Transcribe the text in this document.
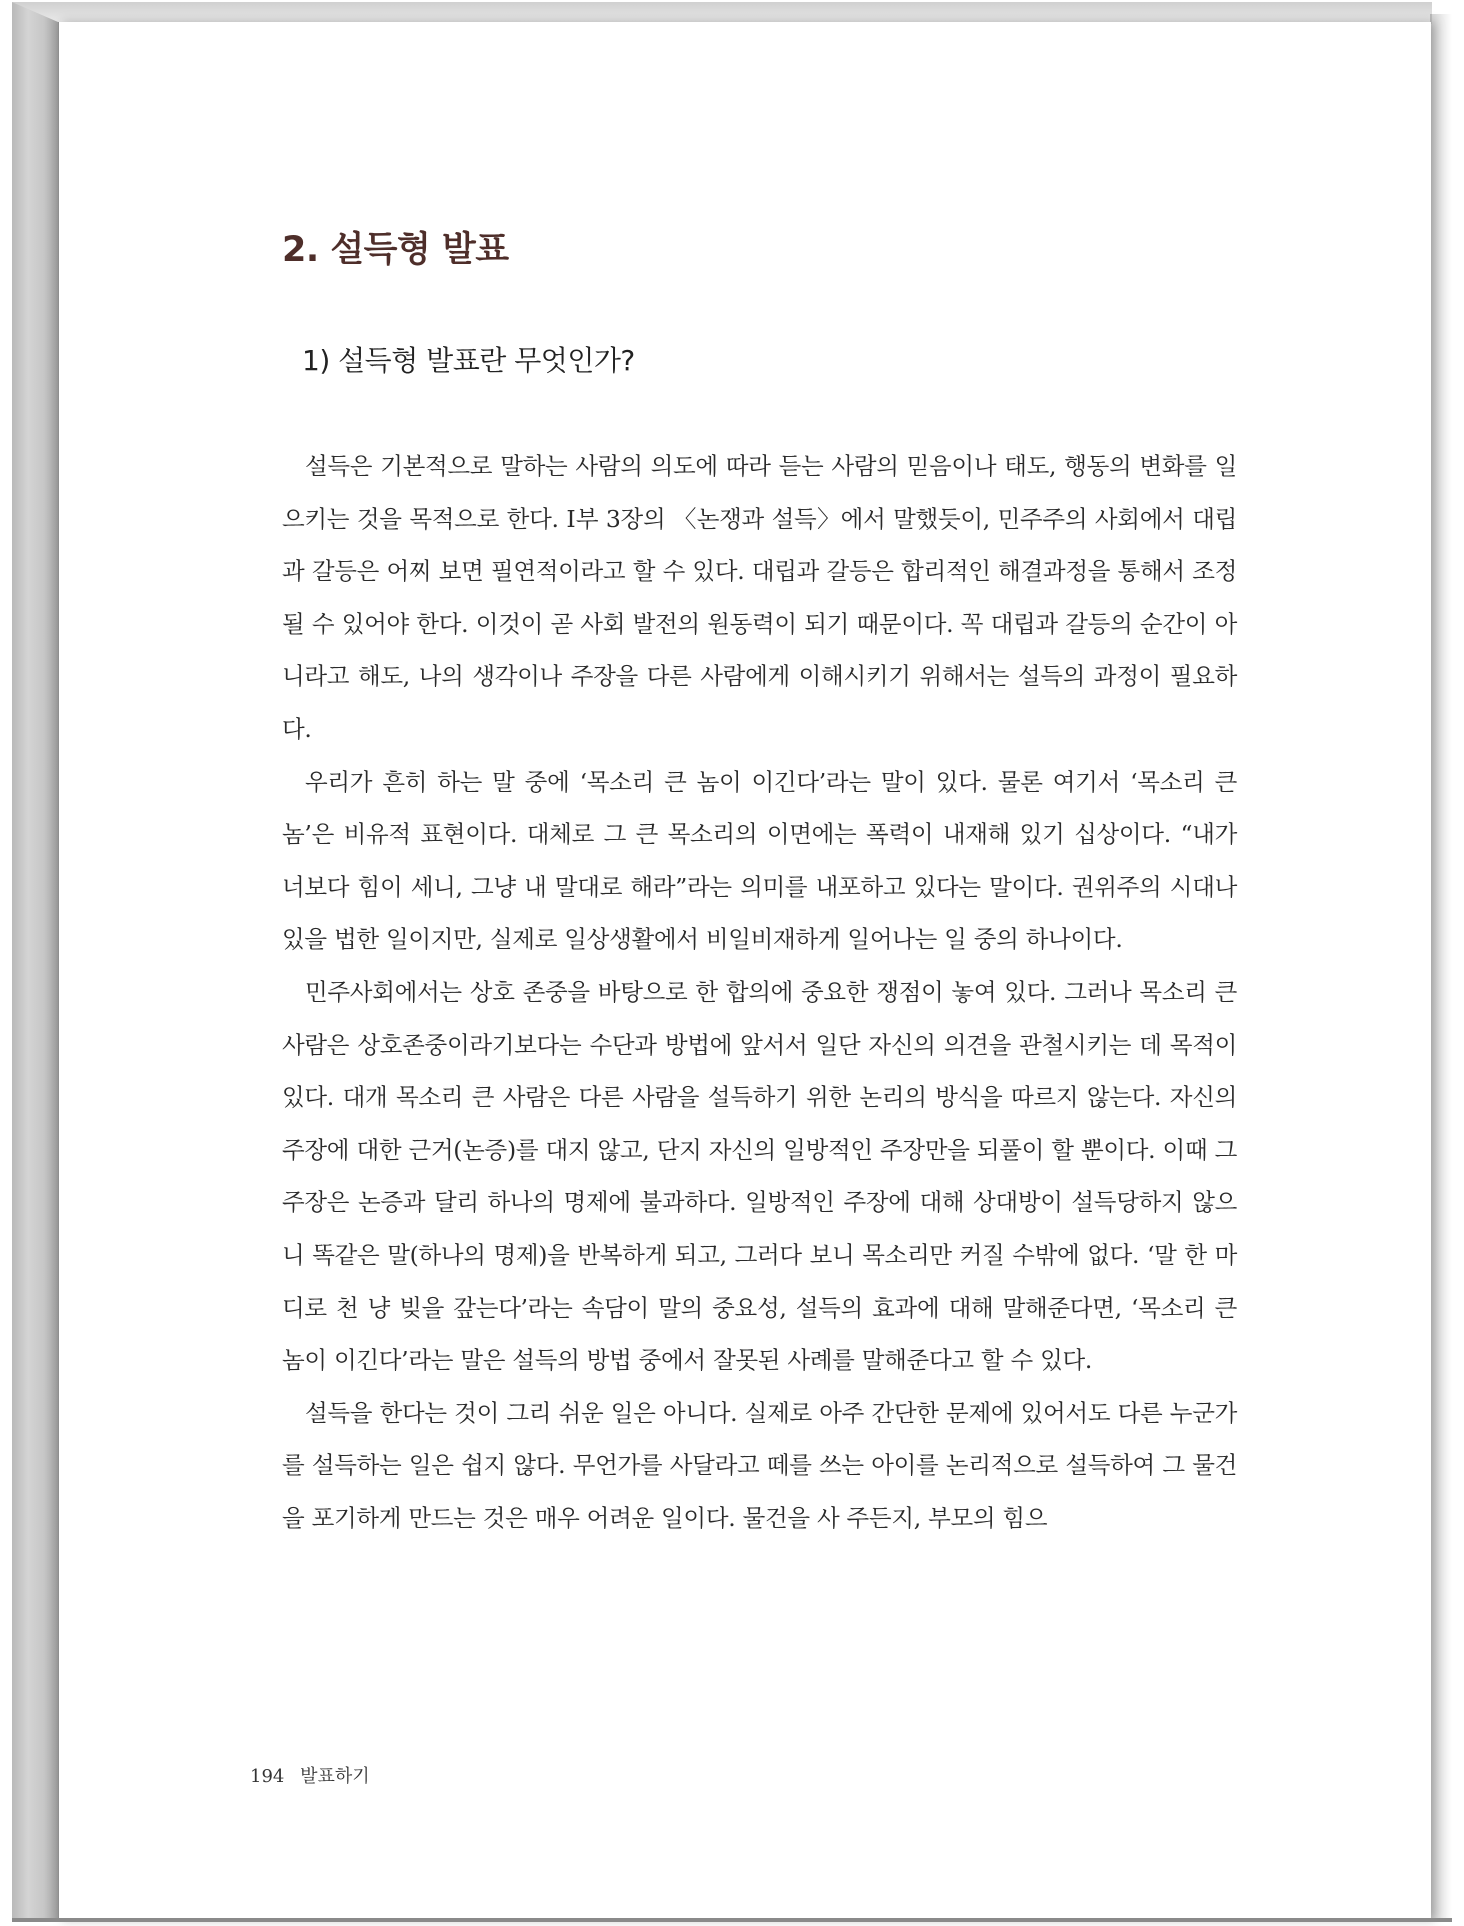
2. 설득형 발표
1) 설득형 발표란 무엇인가?

설득은 기본적으로 말하는 사람의 의도에 따라 듣는 사람의 믿음이나 태도, 행동의 변화를 일으키는 것을 목적으로 한다. Ⅰ부 3장의 〈논쟁과 설득〉에서 말했듯이, 민주주의 사회에서 대립과 갈등은 어찌 보면 필연적이라고 할 수 있다. 대립과 갈등은 합리적인 해결과정을 통해서 조정될 수 있어야 한다. 이것이 곧 사회 발전의 원동력이 되기 때문이다. 꼭 대립과 갈등의 순간이 아니라고 해도, 나의 생각이나 주장을 다른 사람에게 이해시키기 위해서는 설득의 과정이 필요하다.

우리가 흔히 하는 말 중에 ‘목소리 큰 놈이 이긴다’라는 말이 있다. 물론 여기서 ‘목소리 큰 놈’은 비유적 표현이다. 대체로 그 큰 목소리의 이면에는 폭력이 내재해 있기 십상이다. “내가 너보다 힘이 세니, 그냥 내 말대로 해라”라는 의미를 내포하고 있다는 말이다. 권위주의 시대나 있을 법한 일이지만, 실제로 일상생활에서 비일비재하게 일어나는 일 중의 하나이다.

민주사회에서는 상호 존중을 바탕으로 한 합의에 중요한 쟁점이 놓여 있다. 그러나 목소리 큰 사람은 상호존중이라기보다는 수단과 방법에 앞서서 일단 자신의 의견을 관철시키는 데 목적이 있다. 대개 목소리 큰 사람은 다른 사람을 설득하기 위한 논리의 방식을 따르지 않는다. 자신의 주장에 대한 근거(논증)를 대지 않고, 단지 자신의 일방적인 주장만을 되풀이 할 뿐이다. 이때 그 주장은 논증과 달리 하나의 명제에 불과하다. 일방적인 주장에 대해 상대방이 설득당하지 않으니 똑같은 말(하나의 명제)을 반복하게 되고, 그러다 보니 목소리만 커질 수밖에 없다. ‘말 한 마디로 천 냥 빚을 갚는다’라는 속담이 말의 중요성, 설득의 효과에 대해 말해준다면, ‘목소리 큰 놈이 이긴다’라는 말은 설득의 방법 중에서 잘못된 사례를 말해준다고 할 수 있다.

설득을 한다는 것이 그리 쉬운 일은 아니다. 실제로 아주 간단한 문제에 있어서도 다른 누군가를 설득하는 일은 쉽지 않다. 무언가를 사달라고 떼를 쓰는 아이를 논리적으로 설득하여 그 물건을 포기하게 만드는 것은 매우 어려운 일이다. 물건을 사 주든지, 부모의 힘으

194 발표하기
